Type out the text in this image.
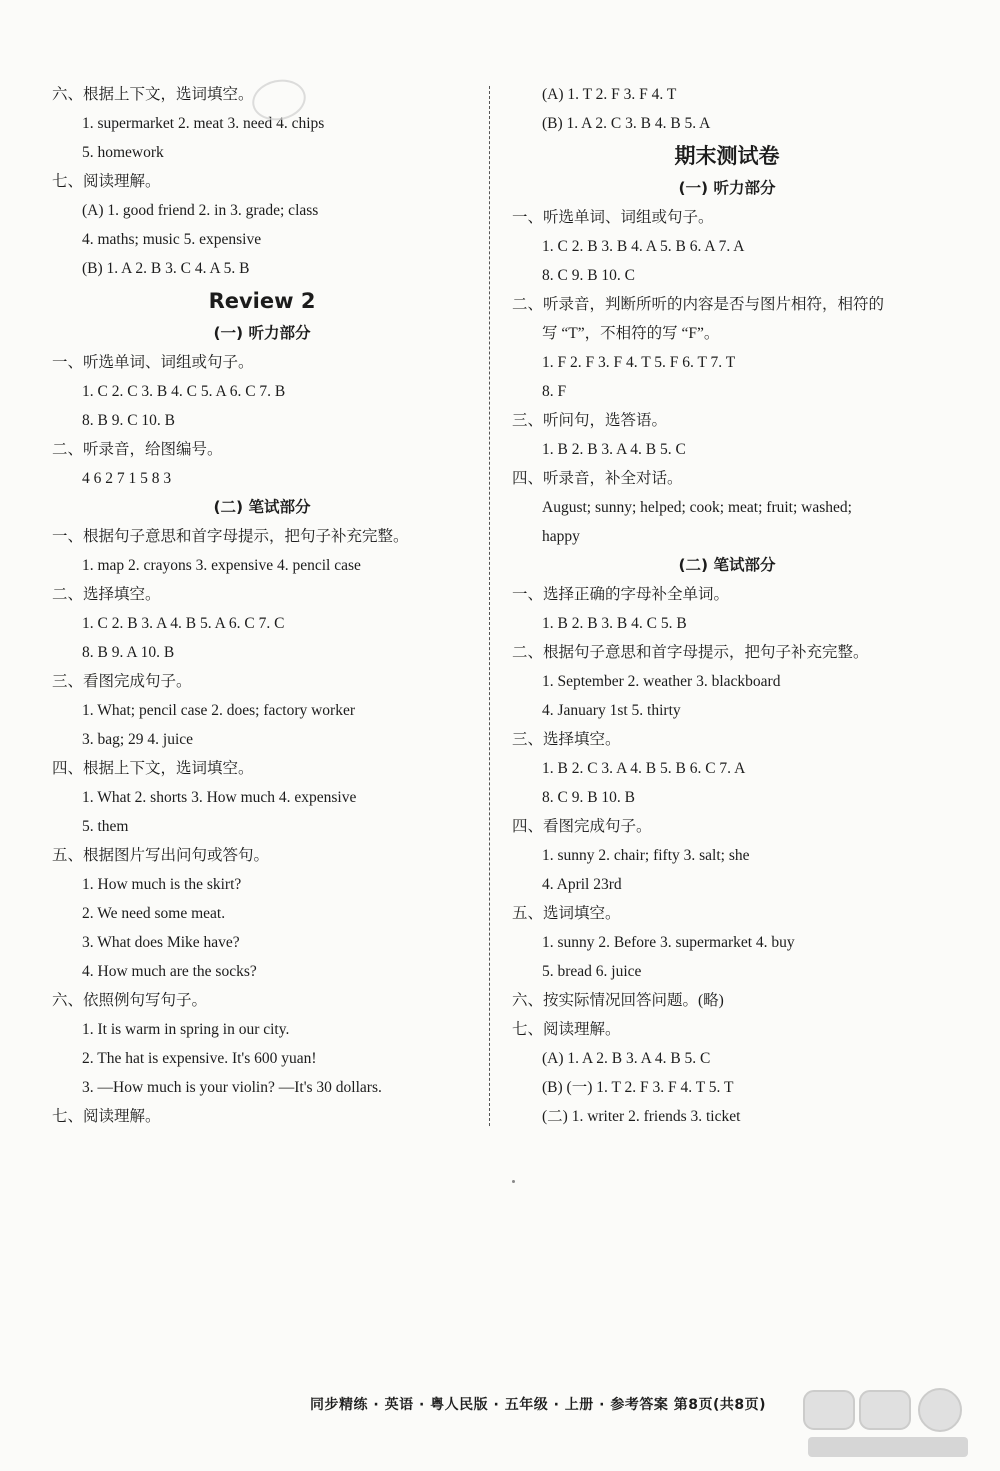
六、根据上下文，选词填空。
1. supermarket 2. meat 3. need 4. chips
5. homework
七、阅读理解。
(A) 1. good friend 2. in 3. grade; class
4. maths; music 5. expensive
(B) 1. A 2. B 3. C 4. A 5. B
Review 2
(一) 听力部分
一、听选单词、词组或句子。
1. C 2. C 3. B 4. C 5. A 6. C 7. B
8. B 9. C 10. B
二、听录音，给图编号。
4 6 2 7 1 5 8 3
(二) 笔试部分
一、根据句子意思和首字母提示，把句子补充完整。
1. map 2. crayons 3. expensive 4. pencil case
二、选择填空。
1. C 2. B 3. A 4. B 5. A 6. C 7. C
8. B 9. A 10. B
三、看图完成句子。
1. What; pencil case 2. does; factory worker
3. bag; 29 4. juice
四、根据上下文，选词填空。
1. What 2. shorts 3. How much 4. expensive
5. them
五、根据图片写出问句或答句。
1. How much is the skirt?
2. We need some meat.
3. What does Mike have?
4. How much are the socks?
六、依照例句写句子。
1. It is warm in spring in our city.
2. The hat is expensive. It's 600 yuan!
3. —How much is your violin? —It's 30 dollars.
七、阅读理解。
(A) 1. T 2. F 3. F 4. T
(B) 1. A 2. C 3. B 4. B 5. A
期末测试卷
(一) 听力部分
一、听选单词、词组或句子。
1. C 2. B 3. B 4. A 5. B 6. A 7. A
8. C 9. B 10. C
二、听录音，判断所听的内容是否与图片相符，相符的
写 “T”，不相符的写 “F”。
1. F 2. F 3. F 4. T 5. F 6. T 7. T
8. F
三、听问句，选答语。
1. B 2. B 3. A 4. B 5. C
四、听录音，补全对话。
August; sunny; helped; cook; meat; fruit; washed;
happy
(二) 笔试部分
一、选择正确的字母补全单词。
1. B 2. B 3. B 4. C 5. B
二、根据句子意思和首字母提示，把句子补充完整。
1. September 2. weather 3. blackboard
4. January 1st 5. thirty
三、选择填空。
1. B 2. C 3. A 4. B 5. B 6. C 7. A
8. C 9. B 10. B
四、看图完成句子。
1. sunny 2. chair; fifty 3. salt; she
4. April 23rd
五、选词填空。
1. sunny 2. Before 3. supermarket 4. buy
5. bread 6. juice
六、按实际情况回答问题。(略)
七、阅读理解。
(A) 1. A 2. B 3. A 4. B 5. C
(B) (一) 1. T 2. F 3. F 4. T 5. T
(二) 1. writer 2. friends 3. ticket
同步精练 · 英语 · 粤人民版 · 五年级 · 上册 · 参考答案 第8页(共8页)
